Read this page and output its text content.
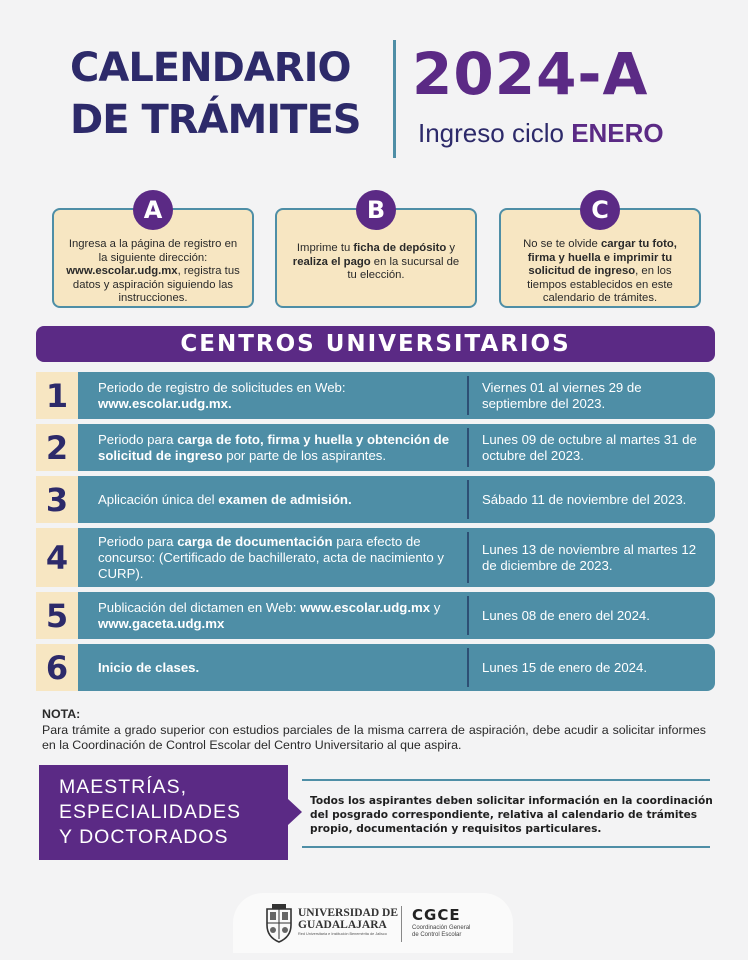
CALENDARIO
DE TRÁMITES
2024-A
Ingreso ciclo ENERO
A

Ingresa a la página de registro en la siguiente dirección: www.escolar.udg.mx, registra tus datos y aspiración siguiendo las instrucciones.

B

Imprime tu ficha de depósito y realiza el pago en la sucursal de tu elección.

C

No se te olvide cargar tu foto, firma y huella e imprimir tu solicitud de ingreso, en los tiempos establecidos en este calendario de trámites.

CENTROS UNIVERSITARIOS
1	Periodo de registro de solicitudes en Web: www.escolar.udg.mx.
Viernes 01 al viernes 29 de septiembre del 2023.
2	Periodo para carga de foto, firma y huella y obtención de solicitud de ingreso por parte de los aspirantes.
Lunes 09 de octubre al martes 31 de octubre del 2023.
3	Aplicación única del examen de admisión.	Sábado 11 de noviembre del 2023.
4	Periodo para carga de documentación para efecto de concurso: (Certificado de bachillerato, acta de nacimiento y CURP).
Lunes 13 de noviembre al martes 12 de diciembre de 2023.
5	Publicación del dictamen en Web: www.escolar.udg.mx y www.gaceta.udg.mx
Lunes 08 de enero del 2024.
6	Inicio de clases.	Lunes 15 de enero de 2024.
NOTA:
Para trámite a grado superior con estudios parciales de la misma carrera de aspiración, debe acudir a solicitar informes en la Coordinación de Control Escolar del Centro Universitario al que aspira.
MAESTRÍAS,
ESPECIALIDADES
Y DOCTORADOS
Todos los aspirantes deben solicitar información en la coordinación del posgrado correspondiente, relativa al calendario de trámites propio, documentación y requisitos particulares.
UNIVERSIDAD DE
GUADALAJARA
Red Universitaria e Institución Benemérita de Jalisco
CGCE
Coordinación General
de Control Escolar
